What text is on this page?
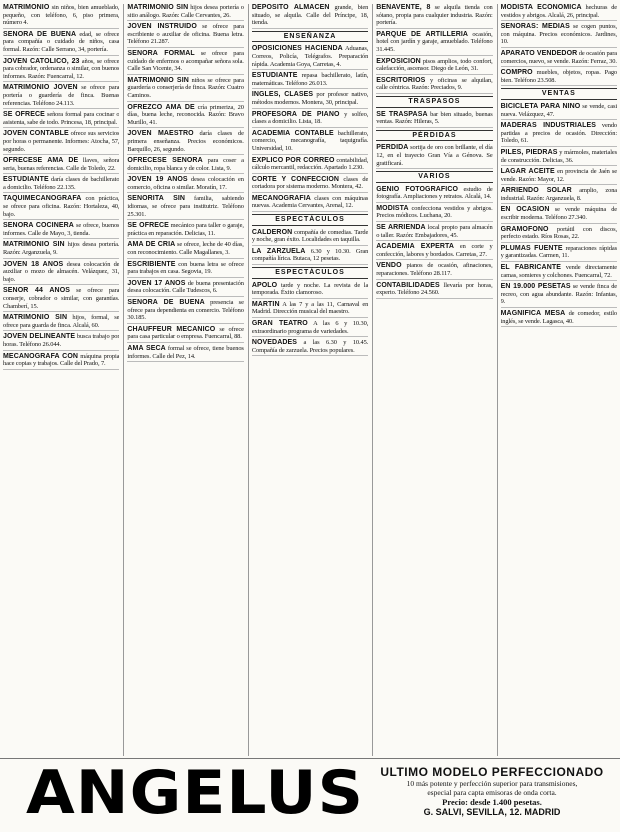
MATRIMONIO sin niños, bien amueblado, pequeño, con teléfono, 6, piso primera, número 4.
SEÑORA DE BUENA edad, se ofrece para compañía o cuidado de niños, casa formal. Razón: Calle Serrano, 34, portería.
JOVEN CATÓLICO, 23 años, se ofrece para cobrador, ordenanza o similar, con buenos informes. Razón: Fuencarral, 12.
MATRIMONIO JOVEN se ofrece para portería o guardería de finca. Buenas referencias. Teléfono 24.113.
SE OFRECE señora formal para cocinar o asistenta, sabe de todo. Princesa, 18, principal.
JOVEN CONTABLE ofrece sus servicios por horas o permanente. Informes: Atocha, 57, segundo.
OFRECESE AMA DE llaves, señora seria, buenas referencias. Calle de Toledo, 22.
ESTUDIANTE daría clases de bachillerato a domicilio. Teléfono 22.135.
TAQUIMECANÓGRAFA con práctica, se ofrece para oficina. Razón: Hortaleza, 40, bajo.
SEÑORA COCINERA se ofrece, buenos informes. Calle de Mayo, 3, tienda.
MATRIMONIO SIN hijos desea portería. Razón: Arganzuela, 9.
JOVEN 18 AÑOS desea colocación de auxiliar o mozo de almacén. Velázquez, 31, bajo.
SEÑOR 44 AÑOS se ofrece para conserje, cobrador o similar, con garantías. Chamberí, 15.
MATRIMONIO SIN hijos, formal, se ofrece para guarda de finca. Alcalá, 60.
JOVEN DELINEANTE busca trabajo por horas. Teléfono 26.044.
MECANÓGRAFA CON máquina propia hace copias y trabajos. Calle del Prado, 7.
MATRIMONIO SIN hijos desea portería o sitio análogo. Razón: Calle Cervantes, 26.
JOVEN INSTRUIDO se ofrece para escribiente o auxiliar de oficina. Buena letra. Teléfono 21.287.
SEÑORA FORMAL se ofrece para cuidado de enfermos o acompañar señora sola. Calle San Vicente, 34.
MATRIMONIO SIN niños se ofrece para guardería o conserjería de finca. Razón: Cuatro Caminos.
OFREZCO AMA DE cría primeriza, 20 días, buena leche, reconocida. Razón: Bravo Murillo, 41.
JOVEN MAESTRO daría clases de primera enseñanza. Precios económicos. Barquillo, 26, segundo.
OFRECESE SEÑORA para coser a domicilio, ropa blanca y de color. Lista, 9.
JOVEN 19 AÑOS desea colocación en comercio, oficina o similar. Moratín, 17.
SEÑORITA SIN familia, sabiendo idiomas, se ofrece para institutriz. Teléfono 25.301.
SE OFRECE mecánico para taller o garaje, práctica en reparación. Delicias, 11.
AMA DE CRÍA se ofrece, leche de 40 días, con reconocimiento. Calle Magallanes, 3.
ESCRIBIENTE con buena letra se ofrece para trabajos en casa. Segovia, 19.
JOVEN 17 AÑOS de buena presentación desea colocación. Calle Tudescos, 6.
SEÑORA DE BUENA presencia se ofrece para dependienta en comercio. Teléfono 30.185.
CHAUFFEUR MECÁNICO se ofrece para casa particular o empresa. Fuencarral, 88.
AMA SECA formal se ofrece, tiene buenos informes. Calle del Pez, 14.
DEPÓSITO ALMACÉN grande, bien situado, se alquila. Calle del Príncipe, 18, tienda.
ENSEÑANZA
OPOSICIONES HACIENDA Aduanas, Correos, Policía, Telégrafos. Preparación rápida. Academia Goya, Carretas, 4.
ESTUDIANTE repasa bachillerato, latín, matemáticas. Teléfono 26.013.
INGLÉS, CLASES por profesor nativo, métodos modernos. Montera, 30, principal.
PROFESORA DE PIANO y solfeo, clases a domicilio. Lista, 18.
ACADEMIA CONTABLE bachillerato, comercio, mecanografía, taquigrafía. Universidad, 10.
EXPLICO POR CORREO contabilidad, cálculo mercantil, redacción. Apartado 1.230.
CORTE Y CONFECCIÓN clases de cortadora por sistema moderno. Montera, 42.
MECANOGRAFÍA clases con máquinas nuevas. Academia Cervantes, Arenal, 12.
ESPECTÁCULOS
CALDERÓN compañía de comedias. Tarde y noche, gran éxito. Localidades en taquilla.
LA ZARZUELA 6.30 y 10.30. Gran compañía lírica. Butaca, 12 pesetas.
ESPECTÁCULOS
APOLO tarde y noche. La revista de la temporada. Éxito clamoroso.
MARTÍN A las 7 y a las 11, Carnaval en Madrid. Dirección musical del maestro.
GRAN TEATRO A las 6 y 10.30, extraordinario programa de variedades.
NOVEDADES a las 6.30 y 10.45. Compañía de zarzuela. Precios populares.
BENAVENTE, 8 se alquila tienda con sótano, propia para cualquier industria. Razón: portería.
PARQUE DE ARTILLERÍA ocasión, hotel con jardín y garaje, amueblado. Teléfono 31.445.
EXPOSICIÓN pisos amplios, todo confort, calefacción, ascensor. Diego de León, 31.
ESCRITORIOS y oficinas se alquilan, calle céntrica. Razón: Preciados, 9.
TRASPASOS
SE TRASPASA bar bien situado, buenas ventas. Razón: Hileras, 5.
PÉRDIDAS
PERDIDA sortija de oro con brillante, el día 12, en el trayecto Gran Vía a Génova. Se gratificará.
VARIOS
GENIO FOTOGRÁFICO estudio de fotografía. Ampliaciones y retratos. Alcalá, 14.
MODISTA confecciona vestidos y abrigos. Precios módicos. Luchana, 20.
SE ARRIENDA local propio para almacén o taller. Razón: Embajadores, 45.
ACADEMIA EXPERTA en corte y confección, labores y bordados. Carretas, 27.
VENDO pianos de ocasión, afinaciones, reparaciones. Teléfono 28.117.
CONTABILIDADES llevaría por horas, experto. Teléfono 24.560.
MODISTA ECONÓMICA hechuras de vestidos y abrigos. Alcalá, 26, principal.
SEÑORAS: MEDIAS se cogen puntos, con máquina. Precios económicos. Jardines, 10.
APARATO VENDEDOR de ocasión para comercios, nuevo, se vende. Razón: Ferraz, 30.
COMPRO muebles, objetos, ropas. Pago bien. Teléfono 23.508.
VENTAS
BICICLETA PARA NIÑO se vende, casi nueva. Velázquez, 47.
MADERAS INDUSTRIALES vendo partidas a precios de ocasión. Dirección: Toledo, 61.
PILES, PIEDRAS y mármoles, materiales de construcción. Delicias, 36.
LAGAR ACEITE en provincia de Jaén se vende. Razón: Mayor, 12.
ARRIENDO SOLAR amplio, zona industrial. Razón: Arganzuela, 8.
EN OCASIÓN se vende máquina de escribir moderna. Teléfono 27.340.
GRAMÓFONO portátil con discos, perfecto estado. Ríos Rosas, 22.
PLUMAS FUENTE reparaciones rápidas y garantizadas. Carmen, 11.
EL FABRICANTE vende directamente camas, somieres y colchones. Fuencarral, 72.
EN 19.000 PESETAS se vende finca de recreo, con agua abundante. Razón: Infantas, 9.
MAGNÍFICA MESA de comedor, estilo inglés, se vende. Lagasca, 40.
ANGELUS	ULTIMO MODELO PERFECCIONADO
10 más potente y perfección superior para transmisiones,
especial para capta emisoras de onda corta.
Precio: desde 1.400 pesetas.
G. SALVI, SEVILLA, 12. MADRID
